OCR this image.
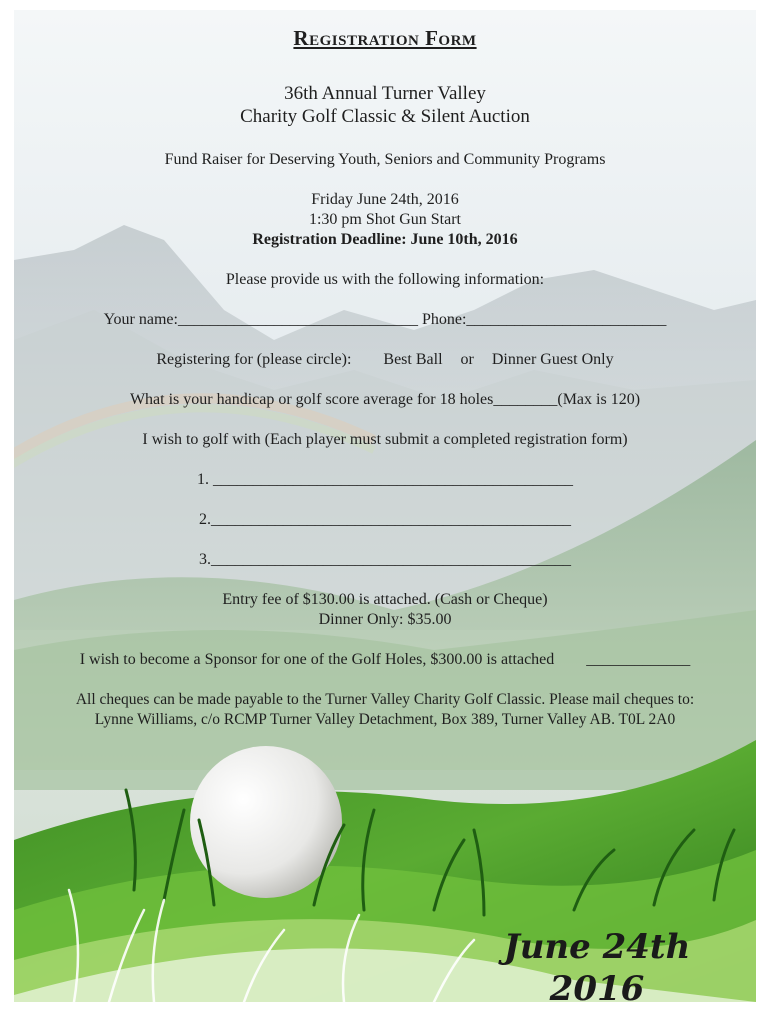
Registration Form
36th Annual Turner Valley
Charity Golf Classic & Silent Auction
Fund Raiser for Deserving Youth, Seniors and Community Programs
Friday June 24th, 2016
1:30 pm Shot Gun Start
Registration Deadline: June 10th, 2016
Please provide us with the following information:
Your name:______________________________ Phone:_________________________
Registering for (please circle): Best Ball or Dinner Guest Only
What is your handicap or golf score average for 18 holes________(Max is 120)
I wish to golf with (Each player must submit a completed registration form)
1. _____________________________________________
2._____________________________________________
3._____________________________________________
Entry fee of $130.00 is attached. (Cash or Cheque)
Dinner Only: $35.00
I wish to become a Sponsor for one of the Golf Holes, $300.00 is attached _____________
All cheques can be made payable to the Turner Valley Charity Golf Classic. Please mail cheques to:
Lynne Williams, c/o RCMP Turner Valley Detachment, Box 389, Turner Valley AB. T0L 2A0
June 24th
2016
